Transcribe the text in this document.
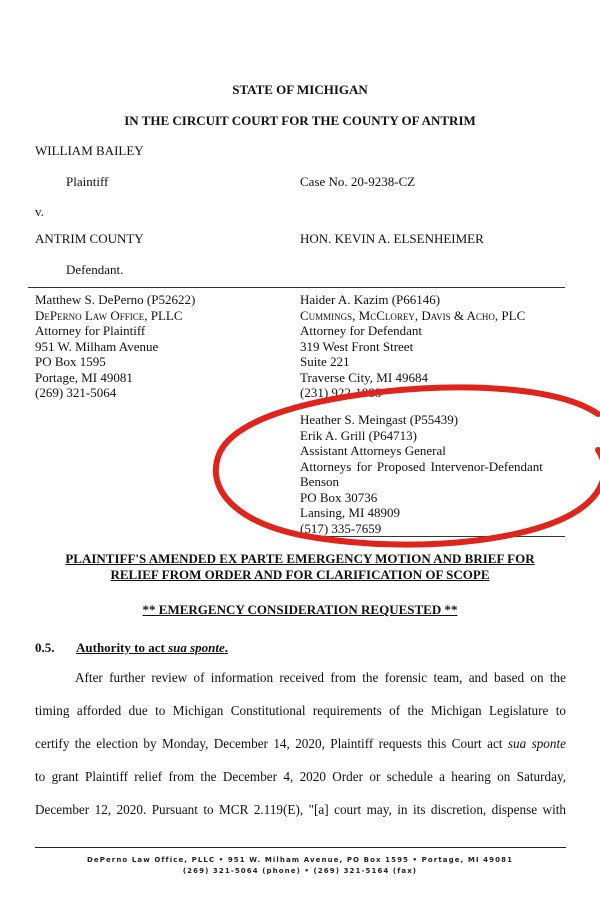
STATE OF MICHIGAN
IN THE CIRCUIT COURT FOR THE COUNTY OF ANTRIM
WILLIAM BAILEY
Plaintiff	Case No. 20-9238-CZ
v.
ANTRIM COUNTY	HON. KEVIN A. ELSENHEIMER
Defendant.
Matthew S. DePerno (P52622)
DePerno Law Office, PLLC
Attorney for Plaintiff
951 W. Milham Avenue
PO Box 1595
Portage, MI 49081
(269) 321-5064
Haider A. Kazim (P66146)
Cummings, McClorey, Davis & Acho, PLC
Attorney for Defendant
319 West Front Street
Suite 221
Traverse City, MI 49684
(231) 922-1888
Heather S. Meingast (P55439)
Erik A. Grill (P64713)
Assistant Attorneys General
Attorneys for Proposed Intervenor-Defendant
Benson
PO Box 30736
Lansing, MI 48909
(517) 335-7659
PLAINTIFF'S AMENDED EX PARTE EMERGENCY MOTION AND BRIEF FOR
RELIEF FROM ORDER AND FOR CLARIFICATION OF SCOPE
** EMERGENCY CONSIDERATION REQUESTED **
0.5. Authority to act sua sponte.
After further review of information received from the forensic team, and based on the
timing afforded due to Michigan Constitutional requirements of the Michigan Legislature to
certify the election by Monday, December 14, 2020, Plaintiff requests this Court act sua sponte
to grant Plaintiff relief from the December 4, 2020 Order or schedule a hearing on Saturday,
December 12, 2020. Pursuant to MCR 2.119(E), "[a] court may, in its discretion, dispense with
DePerno Law Office, PLLC • 951 W. Milham Avenue, PO Box 1595 • Portage, MI 49081
(269) 321-5064 (phone) • (269) 321-5164 (fax)
